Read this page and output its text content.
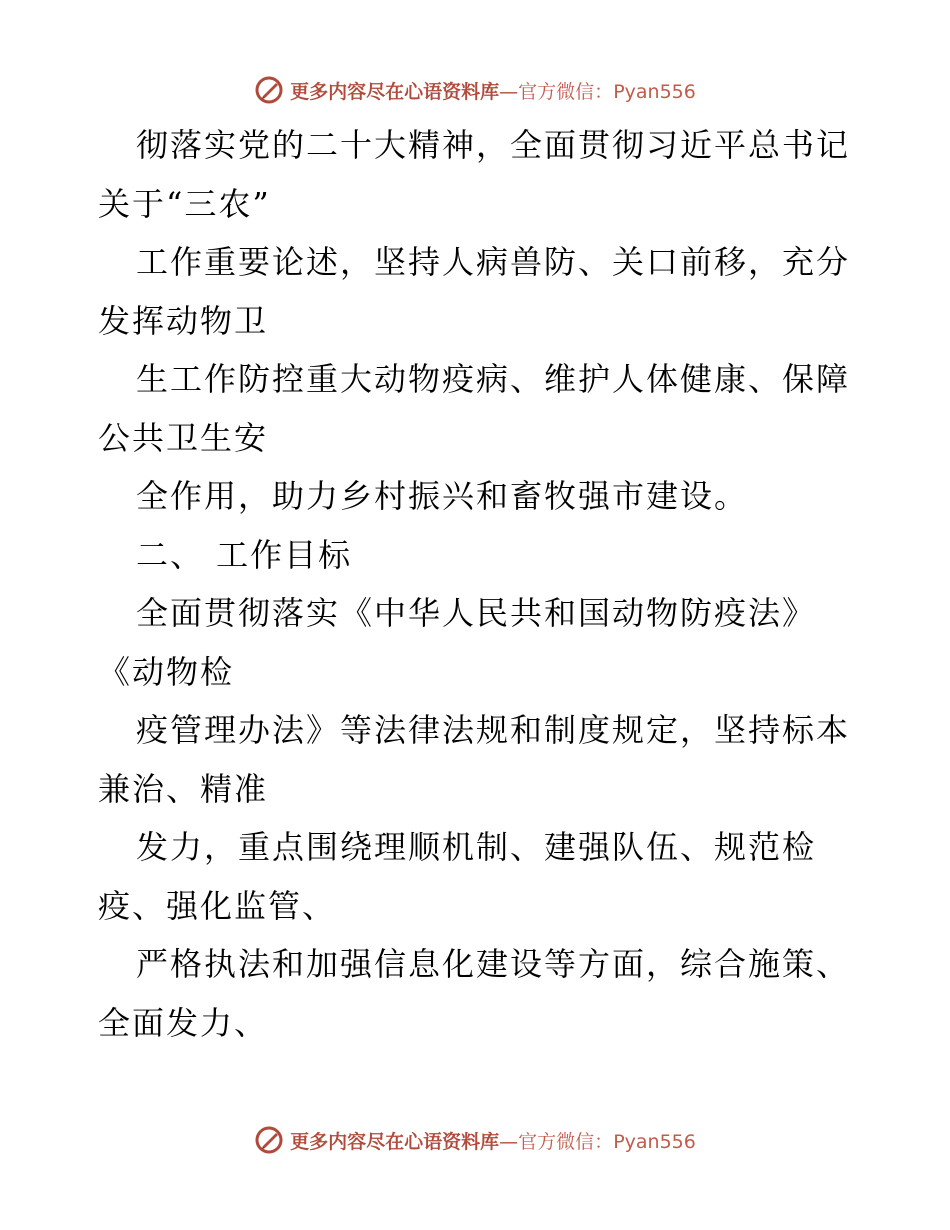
更多内容尽在心语资料库—官方微信：Pyan556
彻落实党的二十大精神，全面贯彻习近平总书记
关于“三农”
工作重要论述，坚持人病兽防、关口前移，充分
发挥动物卫
生工作防控重大动物疫病、维护人体健康、保障
公共卫生安
全作用，助力乡村振兴和畜牧强市建设。
二、 工作目标
全面贯彻落实《中华人民共和国动物防疫法》
《动物检
疫管理办法》等法律法规和制度规定，坚持标本
兼治、精准
发力，重点围绕理顺机制、建强队伍、规范检
疫、强化监管、
严格执法和加强信息化建设等方面，综合施策、
全面发力、
更多内容尽在心语资料库—官方微信：Pyan556
